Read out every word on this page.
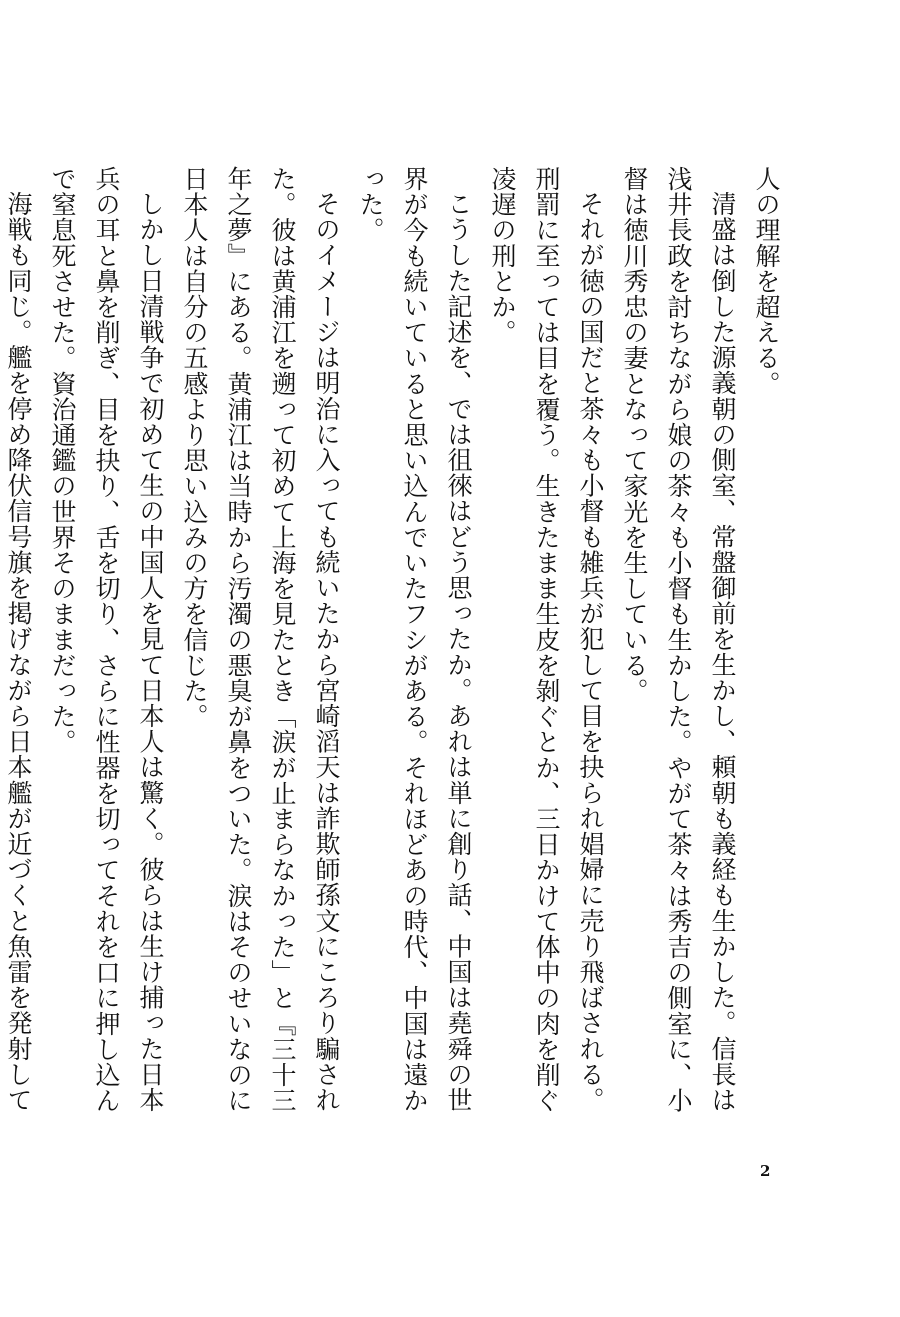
人の理解を超える。

清盛は倒した源義朝の側室、常盤御前を生かし、頼朝も義経も生かした。信長は浅井長政を討ちながら娘の茶々も小督も生かした。やがて茶々は秀吉の側室に、小督は徳川秀忠の妻となって家光を生している。

それが徳の国だと茶々も小督も雑兵が犯して目を抉られ娼婦に売り飛ばされる。刑罰に至っては目を覆う。生きたまま生皮を剝ぐとか、三日かけて体中の肉を削ぐ凌遅の刑とか。

こうした記述を、では徂徠はどう思ったか。あれは単に創り話、中国は堯舜の世界が今も続いていると思い込んでいたフシがある。それほどあの時代、中国は遠かった。

そのイメージは明治に入っても続いたから宮崎滔天は詐欺師孫文にころり騙された。彼は黄浦江を遡って初めて上海を見たとき「涙が止まらなかった」と『三十三年之夢』にある。黄浦江は当時から汚濁の悪臭が鼻をついた。涙はそのせいなのに日本人は自分の五感より思い込みの方を信じた。

しかし日清戦争で初めて生の中国人を見て日本人は驚く。彼らは生け捕った日本兵の耳と鼻を削ぎ、目を抉り、舌を切り、さらに性器を切ってそれを口に押し込んで窒息死させた。資治通鑑の世界そのままだった。

海戦も同じ。艦を停め降伏信号旗を掲げながら日本艦が近づくと魚雷を発射して

2
